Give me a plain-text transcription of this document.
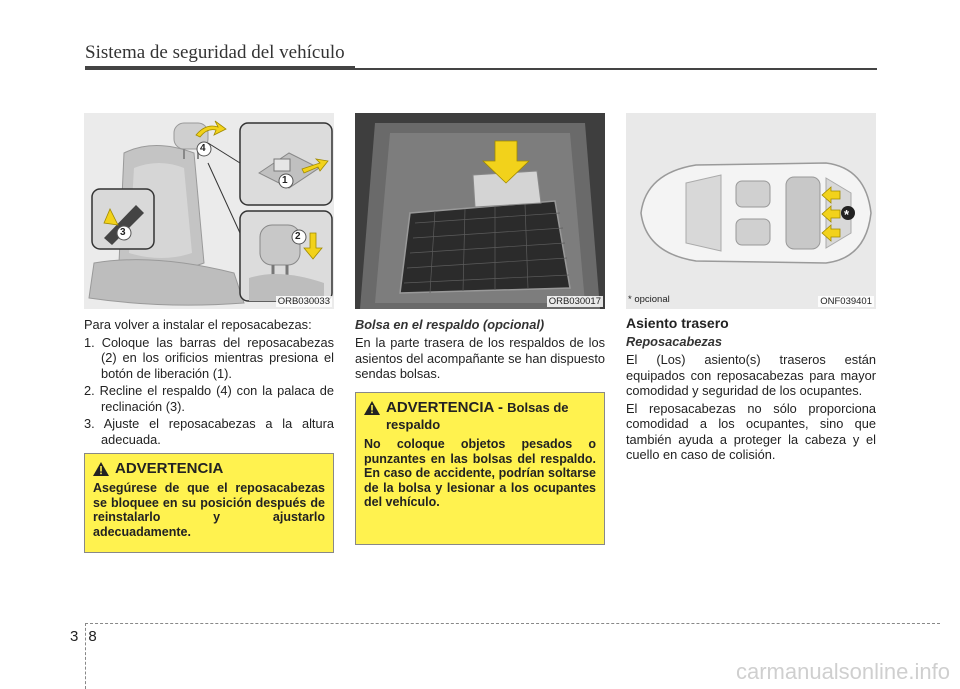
Sistema de seguridad del vehículo
1
2
3
4
ORB030033

Para volver a instalar el reposacabezas:

1. Coloque las barras del reposacabezas (2) en los orificios mientras presiona el botón de liberación (1).
2. Recline el respaldo (4) con la palaca de reclinación (3).
3. Ajuste el reposacabezas a la altura adecuada.
ADVERTENCIA

Asegúrese de que el reposacabezas se bloquee en su posición después de reinstalarlo y ajustarlo adecuadamente.

ORB030017

Bolsa en el respaldo (opcional)

En la parte trasera de los respaldos de los asientos del acompañante se han dispuesto sendas bolsas.

ADVERTENCIA - Bolsas de respaldo

No coloque objetos pesados o punzantes en las bolsas del respaldo. En caso de accidente, podrían soltarse de la bolsa y lesionar a los ocupantes del vehículo.

*
* opcional	ONF039401

Asiento trasero

Reposacabezas

El (Los) asiento(s) traseros están equipados con reposacabezas para mayor comodidad y seguridad de los ocupantes.

El reposacabezas no sólo proporciona comodidad a los ocupantes, sino que también ayuda a proteger la cabeza y el cuello en caso de colisión.

38
carmanualsonline.info
